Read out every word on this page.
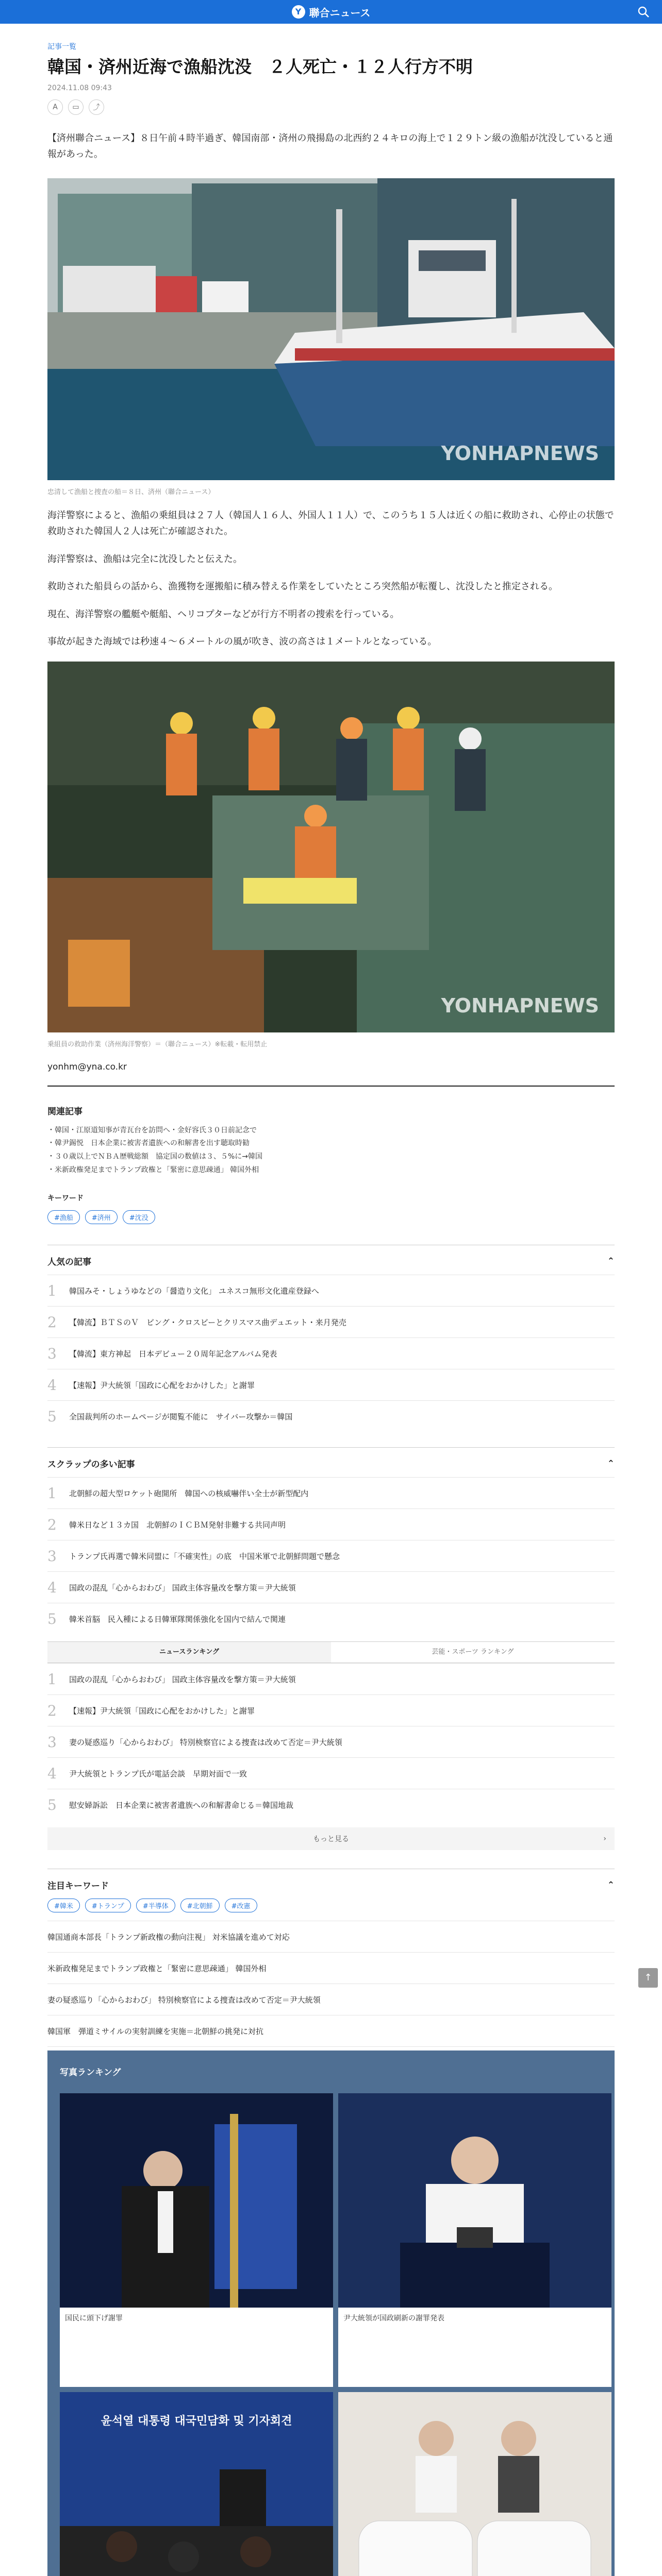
Y 聯合ニュース
記事一覧
韓国・済州近海で漁船沈没　２人死亡・１２人行方不明
2024.11.08 09:43
A	▭	⤴
【済州聯合ニュース】８日午前４時半過ぎ、韓国南部・済州の飛揚島の北西約２４キロの海上で１２９トン級の漁船が沈没していると通報があった。
YONHAPNEWS
忠清して漁船と捜査の船＝８日、済州（聯合ニュース）

海洋警察によると、漁船の乗組員は２７人（韓国人１６人、外国人１１人）で、このうち１５人は近くの船に救助され、心停止の状態で救助された韓国人２人は死亡が確認された。

海洋警察は、漁船は完全に沈没したと伝えた。

救助された船員らの話から、漁獲物を運搬船に積み替える作業をしていたところ突然船が転覆し、沈没したと推定される。

現在、海洋警察の艦艇や艇船、ヘリコプターなどが行方不明者の捜索を行っている。

事故が起きた海域では秒速４～６メートルの風が吹き、波の高さは１メートルとなっている。

YONHAPNEWS
乗組員の救助作業（済州海洋警察）＝（聯合ニュース）※転載・転用禁止
yonhm@yna.co.kr
関連記事
・韓国・江原道知事が青瓦台を訪問へ・金好容氏３０日前記念で
・韓尹錫悦　日本企業に被害者遺族への和解書を出す聴取時勧
・３０歳以上でＮＢＡ歴戦総額　協定国の数値は３、５%に→韓国
・米新政権発足までトランプ政権と「緊密に意思疎通」 韓国外相
キーワード
#漁船	#済州	#沈没
人気の記事	⌃
1	韓国みそ・しょうゆなどの「醤造り文化」 ユネスコ無形文化遺産登録へ
2	【韓流】ＢＴＳのＶ　ビング・クロスビーとクリスマス曲デュエット・来月発売
3	【韓流】東方神起　日本デビュー２０周年記念アルバム発表
4	【速報】尹大統領「国政に心配をおかけした」と謝罪
5	全国裁判所のホームページが閲覧不能に　サイバー攻撃か＝韓国
スクラップの多い記事	⌃
1	北朝鮮の超大型ロケット砲開所　韓国への核威嚇伴い全士が新型配内
2	韓米日など１３カ国　北朝鮮のＩＣＢＭ発射非難する共同声明
3	トランプ氏再選で韓米同盟に「不確実性」の底　中国米軍で北朝鮮問題で懸念
4	国政の混乱「心からおわび」 国政主体容量改を撃方策＝尹大統領
5	韓米首脳　民入種による日韓軍隊関係強化を国内で結んで関連
ニュースランキング	芸能・スポーツ ランキング
1	国政の混乱「心からおわび」 国政主体容量改を撃方策＝尹大統領
2	【速報】尹大統領「国政に心配をおかけした」と謝罪
3	妻の疑惑巡り「心からおわび」 特別検察官による捜査は改めて否定＝尹大統領
4	尹大統領とトランプ氏が電話会談　早期対面で一致
5	慰安婦訴訟　日本企業に被害者遺族への和解書命じる＝韓国地裁
もっと見る	›
注目キーワード	⌃
#韓米	#トランプ	#半導体	#北朝鮮	#改憲
韓国通商本部長「トランプ新政権の動向注視」 対米協議を進めて対応
米新政権発足までトランプ政権と「緊密に意思疎通」 韓国外相
妻の疑惑巡り「心からおわび」 特別検察官による捜査は改めて否定＝尹大統領
韓国軍　弾道ミサイルの実射訓練を実施＝北朝鮮の挑発に対抗
写真ランキング
国民に頭下げ謝罪	尹大統領が国政刷新の謝罪発表
윤석열 대통령 대국민담화 및 기자회견
↑
